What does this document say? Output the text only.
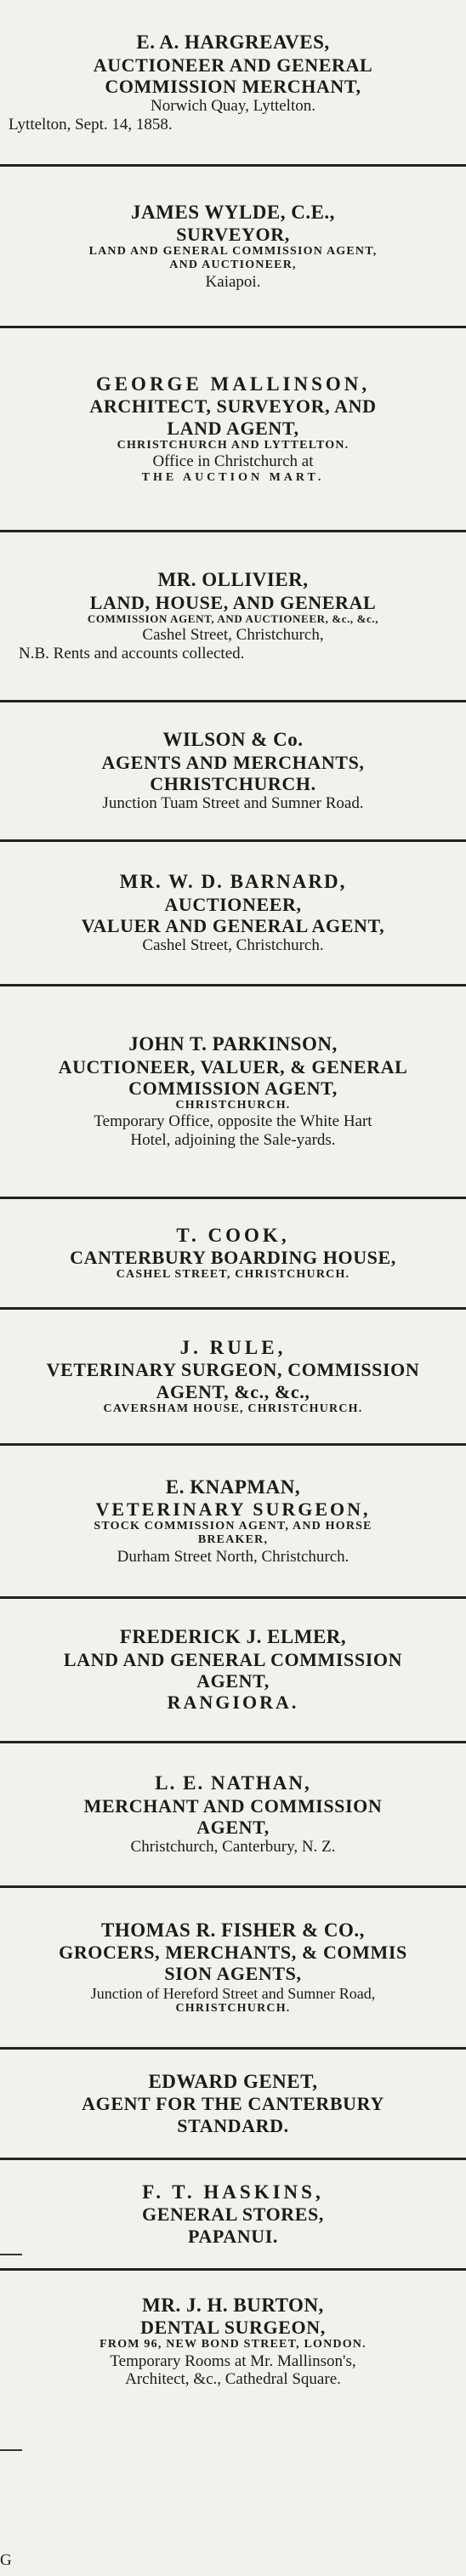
E. A. HARGREAVES,
AUCTIONEER AND GENERAL
COMMISSION MERCHANT,
Norwich Quay, Lyttelton.
Lyttelton, Sept. 14, 1858.
JAMES WYLDE, C.E.,
SURVEYOR,
LAND AND GENERAL COMMISSION AGENT,
AND AUCTIONEER,
Kaiapoi.
GEORGE MALLINSON,
ARCHITECT, SURVEYOR, AND
LAND AGENT,
CHRISTCHURCH AND LYTTELTON.
Office in Christchurch at
THE AUCTION MART.
MR. OLLIVIER,
LAND, HOUSE, AND GENERAL
COMMISSION AGENT, AND AUCTIONEER, &c., &c.,
Cashel Street, Christchurch,
N.B. Rents and accounts collected.
WILSON & Co.
AGENTS AND MERCHANTS,
CHRISTCHURCH.
Junction Tuam Street and Sumner Road.
MR. W. D. BARNARD,
AUCTIONEER,
VALUER AND GENERAL AGENT,
Cashel Street, Christchurch.
JOHN T. PARKINSON,
AUCTIONEER, VALUER, & GENERAL
COMMISSION AGENT,
CHRISTCHURCH.
Temporary Office, opposite the White Hart
Hotel, adjoining the Sale-yards.
T. COOK,
CANTERBURY BOARDING HOUSE,
CASHEL STREET, CHRISTCHURCH.
J. RULE,
VETERINARY SURGEON, COMMISSION
AGENT, &c., &c.,
CAVERSHAM HOUSE, CHRISTCHURCH.
E. KNAPMAN,
VETERINARY SURGEON,
STOCK COMMISSION AGENT, AND HORSE
BREAKER,
Durham Street North, Christchurch.
FREDERICK J. ELMER,
LAND AND GENERAL COMMISSION
AGENT,
RANGIORA.
L. E. NATHAN,
MERCHANT AND COMMISSION
AGENT,
Christchurch, Canterbury, N. Z.
THOMAS R. FISHER & CO.,
GROCERS, MERCHANTS, & COMMIS
SION AGENTS,
Junction of Hereford Street and Sumner Road,
CHRISTCHURCH.
EDWARD GENET,
AGENT FOR THE CANTERBURY
STANDARD.
F. T. HASKINS,
GENERAL STORES,
PAPANUI.
MR. J. H. BURTON,
DENTAL SURGEON,
FROM 96, NEW BOND STREET, LONDON.
Temporary Rooms at Mr. Mallinson's,
Architect, &c., Cathedral Square.
G
